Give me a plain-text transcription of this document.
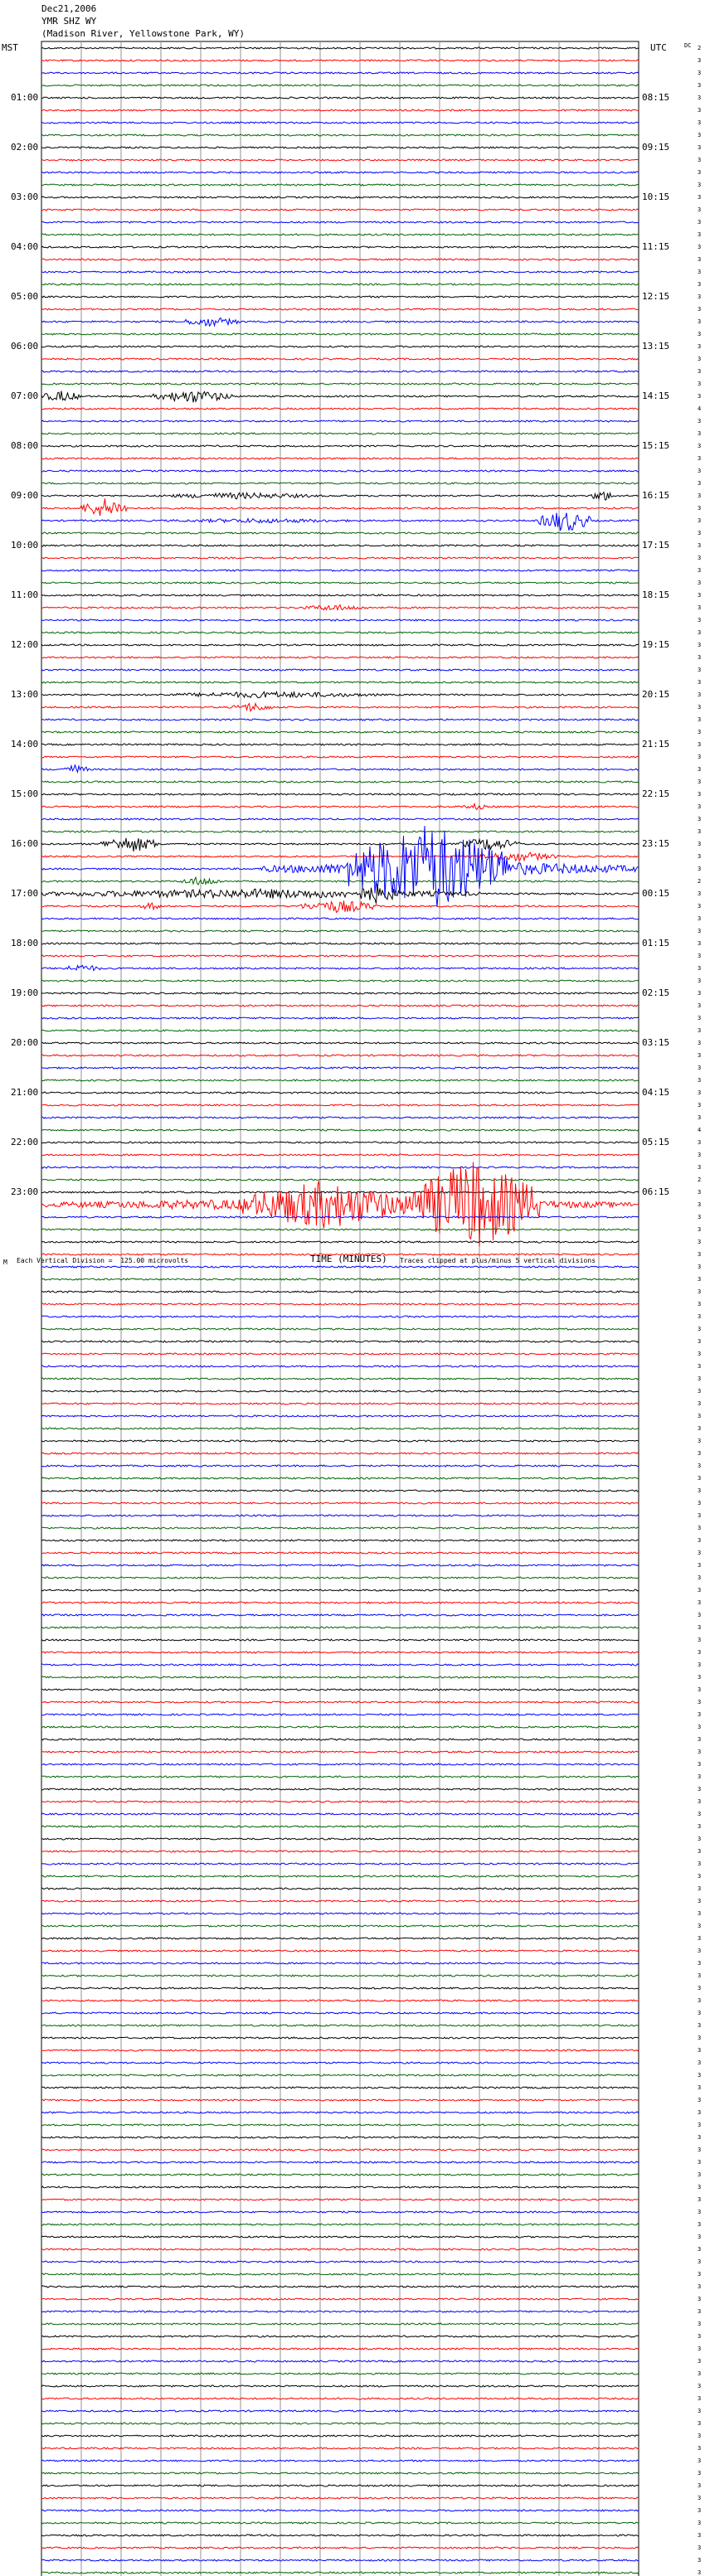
Dec21,2006
YMR SHZ WY
(Madison River, Yellowstone Park, WY)
MST	UTC	DC
01:00
02:00
03:00
04:00
05:00
06:00
07:00
08:00
09:00
10:00
11:00
12:00
13:00
14:00
15:00
16:00
17:00
18:00
19:00
20:00
21:00
22:00
23:00
08:15
09:15
10:15
11:15
12:15
13:15
14:15
15:15
16:15
17:15
18:15
19:15
20:15
21:15
22:15
23:15
00:15
01:15
02:15
03:15
04:15
05:15
06:15
2
3
3
3
3
3
3
3
3
3
3
3
3
3
3
3
3
3
3
3
3
3
3
3
3
3
3
3
3
4
3
3
3
3
3
3
3
3
3
3
3
3
3
3
3
3
3
3
3
3
3
3
3
3
3
3
3
3
3
3
3
3
3
3
3
3
3
2
3
3
3
3
3
3
3
3
3
3
3
3
3
3
3
3
3
3
3
4
3
3
3
2
3
3
3
3
3
3
3
3
3
3
3
3
3
3
3
3
3
3
3
3
3
3
3
3
3
3
3
3
3
3
3
3
3
3
3
3
3
3
3
3
3
3
3
3
3
3
3
3
3
3
3
3
3
3
3
3
3
3
3
3
3
3
3
3
3
3
3
3
3
3
3
3
3
3
3
3
3
3
3
3
3
3
3
3
3
3
3
3
3
3
3
3
3
3
3
3
3
3
3
3
3
3
3
3
3
3
3
3
3
3
3
3
M Each Vertical Division =  125.00 microvolts	TIME (MINUTES) Traces clipped at plus/minus 5 vertical divisions
